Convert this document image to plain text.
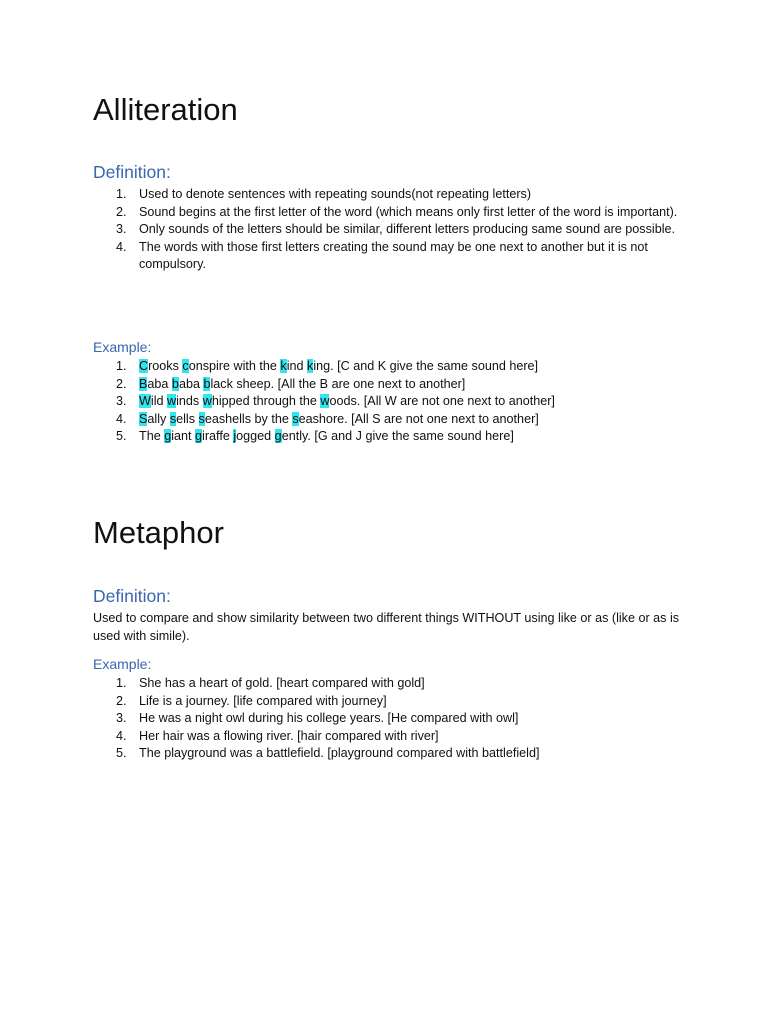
Alliteration
Definition:
1. Used to denote sentences with repeating sounds(not repeating letters)
2. Sound begins at the first letter of the word (which means only first letter of the word is important).
3. Only sounds of the letters should be similar, different letters producing same sound are possible.
4. The words with those first letters creating the sound may be one next to another but it is not compulsory.
Example:
1. Crooks conspire with the kind king. [C and K give the same sound here]
2. Baba baba black sheep. [All the B are one next to another]
3. Wild winds whipped through the woods. [All W are not one next to another]
4. Sally sells seashells by the seashore. [All S are not one next to another]
5. The giant giraffe jogged gently. [G and J give the same sound here]
Metaphor
Definition:

Used to compare and show similarity between two different things WITHOUT using like or as (like or as is used with simile).

Example:
1. She has a heart of gold. [heart compared with gold]
2. Life is a journey. [life compared with journey]
3. He was a night owl during his college years. [He compared with owl]
4. Her hair was a flowing river. [hair compared with river]
5. The playground was a battlefield. [playground compared with battlefield]
